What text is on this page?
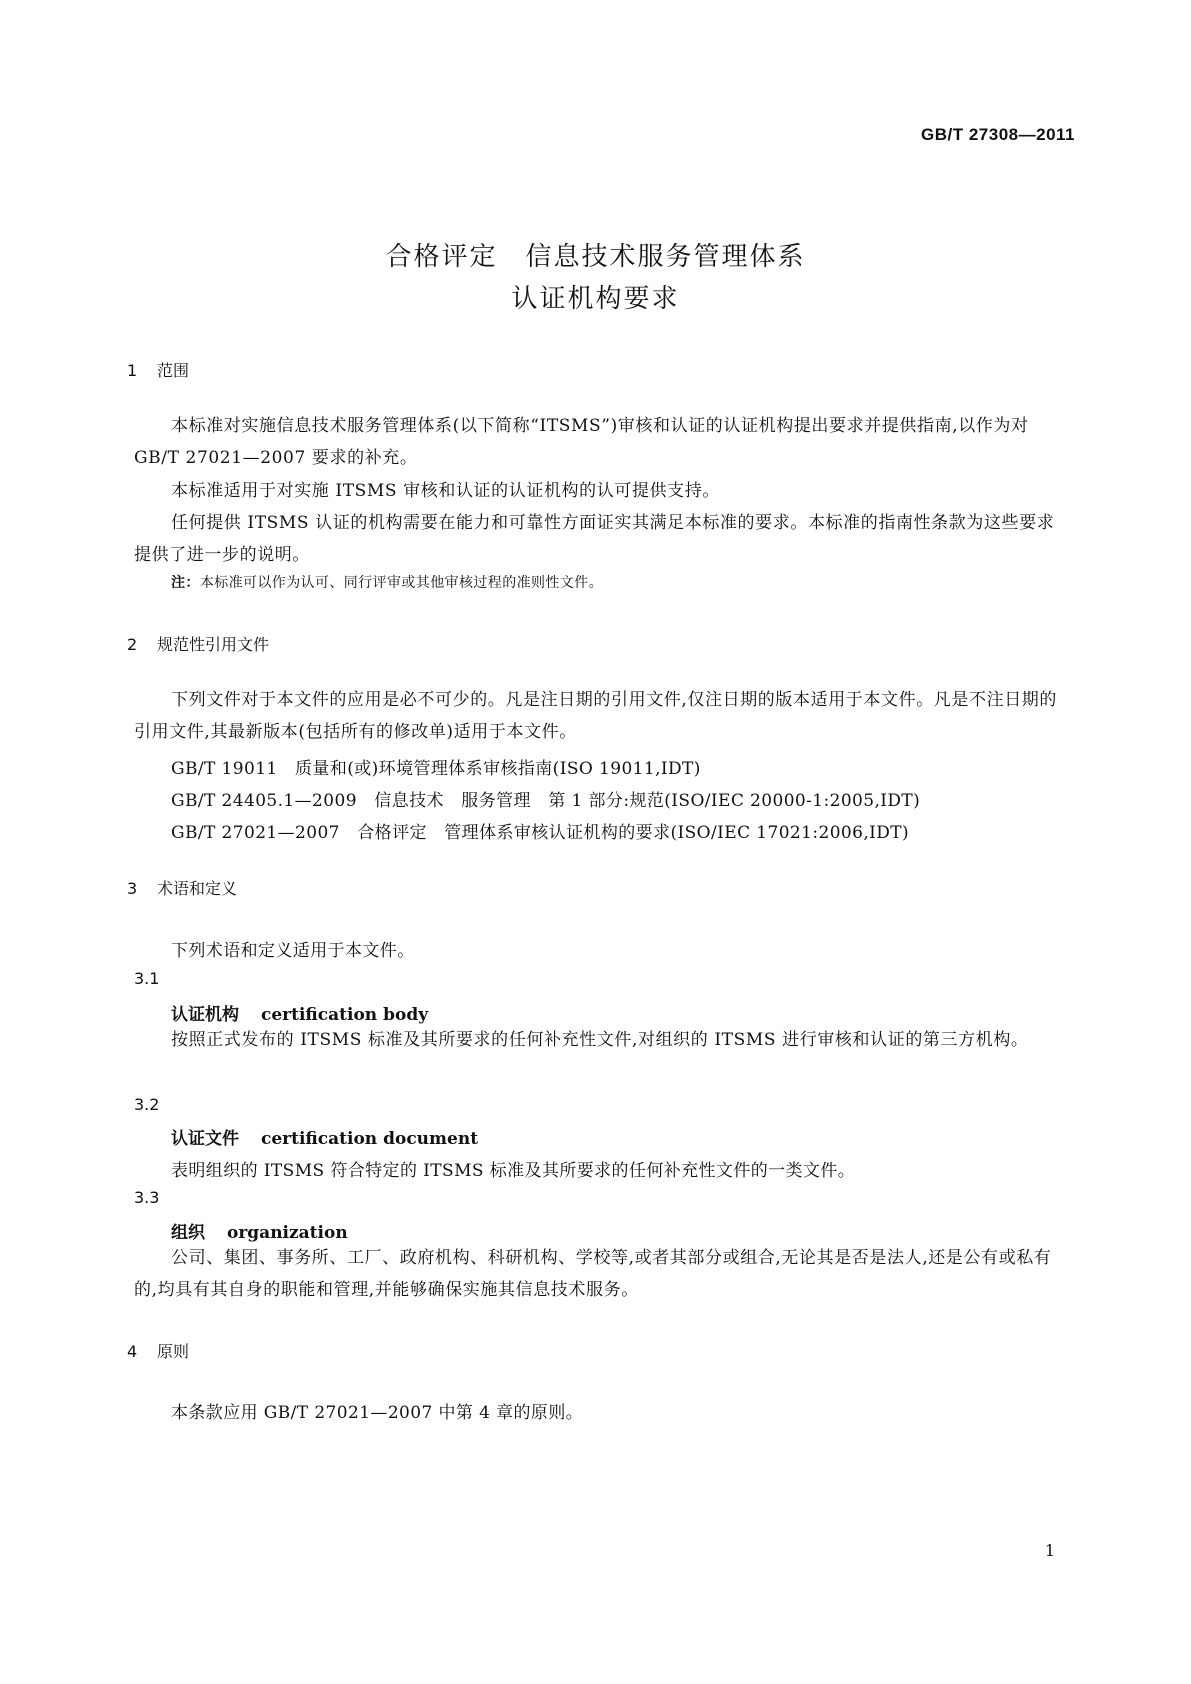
GB/T 27308—2011
合格评定　信息技术服务管理体系
认证机构要求
1 范围
本标准对实施信息技术服务管理体系(以下简称“ITSMS”)审核和认证的认证机构提出要求并提供指南,以作为对 GB/T 27021—2007 要求的补充。
本标准适用于对实施 ITSMS 审核和认证的认证机构的认可提供支持。
任何提供 ITSMS 认证的机构需要在能力和可靠性方面证实其满足本标准的要求。本标准的指南性条款为这些要求提供了进一步的说明。
注：本标准可以作为认可、同行评审或其他审核过程的准则性文件。
2 规范性引用文件
下列文件对于本文件的应用是必不可少的。凡是注日期的引用文件,仅注日期的版本适用于本文件。凡是不注日期的引用文件,其最新版本(包括所有的修改单)适用于本文件。
GB/T 19011　质量和(或)环境管理体系审核指南(ISO 19011,IDT)
GB/T 24405.1—2009　信息技术　服务管理　第 1 部分:规范(ISO/IEC 20000-1:2005,IDT)
GB/T 27021—2007　合格评定　管理体系审核认证机构的要求(ISO/IEC 17021:2006,IDT)
3 术语和定义
下列术语和定义适用于本文件。
3.1
认证机构 certification body
按照正式发布的 ITSMS 标准及其所要求的任何补充性文件,对组织的 ITSMS 进行审核和认证的第三方机构。
3.2
认证文件 certification document
表明组织的 ITSMS 符合特定的 ITSMS 标准及其所要求的任何补充性文件的一类文件。
3.3
组织 organization
公司、集团、事务所、工厂、政府机构、科研机构、学校等,或者其部分或组合,无论其是否是法人,还是公有或私有的,均具有其自身的职能和管理,并能够确保实施其信息技术服务。
4 原则
本条款应用 GB/T 27021—2007 中第 4 章的原则。
1
